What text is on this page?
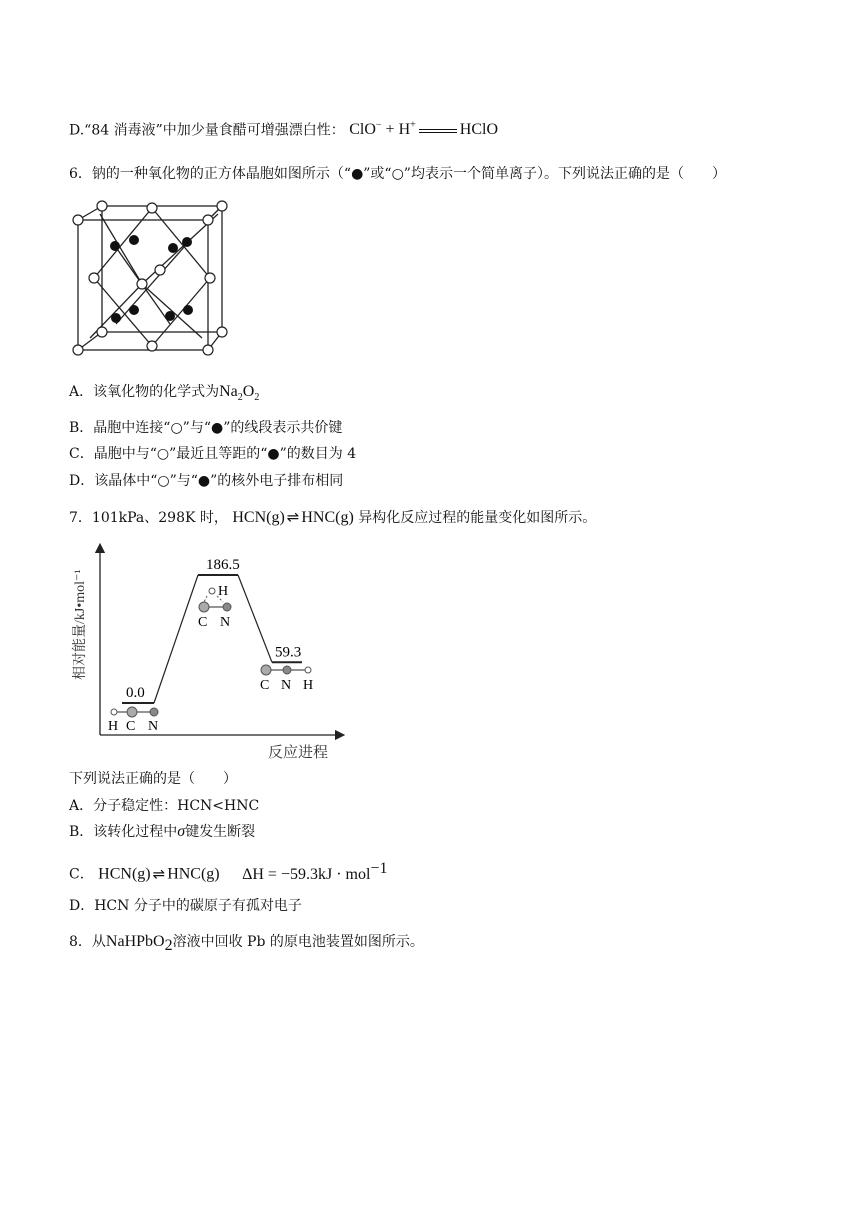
D.“84 消毒液”中加少量食醋可增强漂白性： ClO− + H+	HClO
6．钠的一种氧化物的正方体晶胞如图所示（“●”或“○”均表示一个简单离子）。下列说法正确的是（　　）
A．该氧化物的化学式为$Na_2O_2$
B．晶胞中连接“○”与“●”的线段表示共价键
C．晶胞中与“○”最近且等距的“●”的数目为 4
D．该晶体中“○”与“●”的核外电子排布相同
7．101kPa、298K 时， HCN(g) ⇌ HNC(g) 异构化反应过程的能量变化如图所示。
相对能量/kJ•mol⁻¹
反应进程
0.0
186.5
59.3
H C N
H
C N
C N H
下列说法正确的是（　　）
A．分子稳定性：HCN<HNC
B．该转化过程中σ键发生断裂
C． HCN(g) ⇌ HNC(g) ΔH = −59.3kJ · mol$^{-1}$
D．HCN 分子中的碳原子有孤对电子
8．从NaHPbO$_2$溶液中回收 Pb 的原电池装置如图所示。
